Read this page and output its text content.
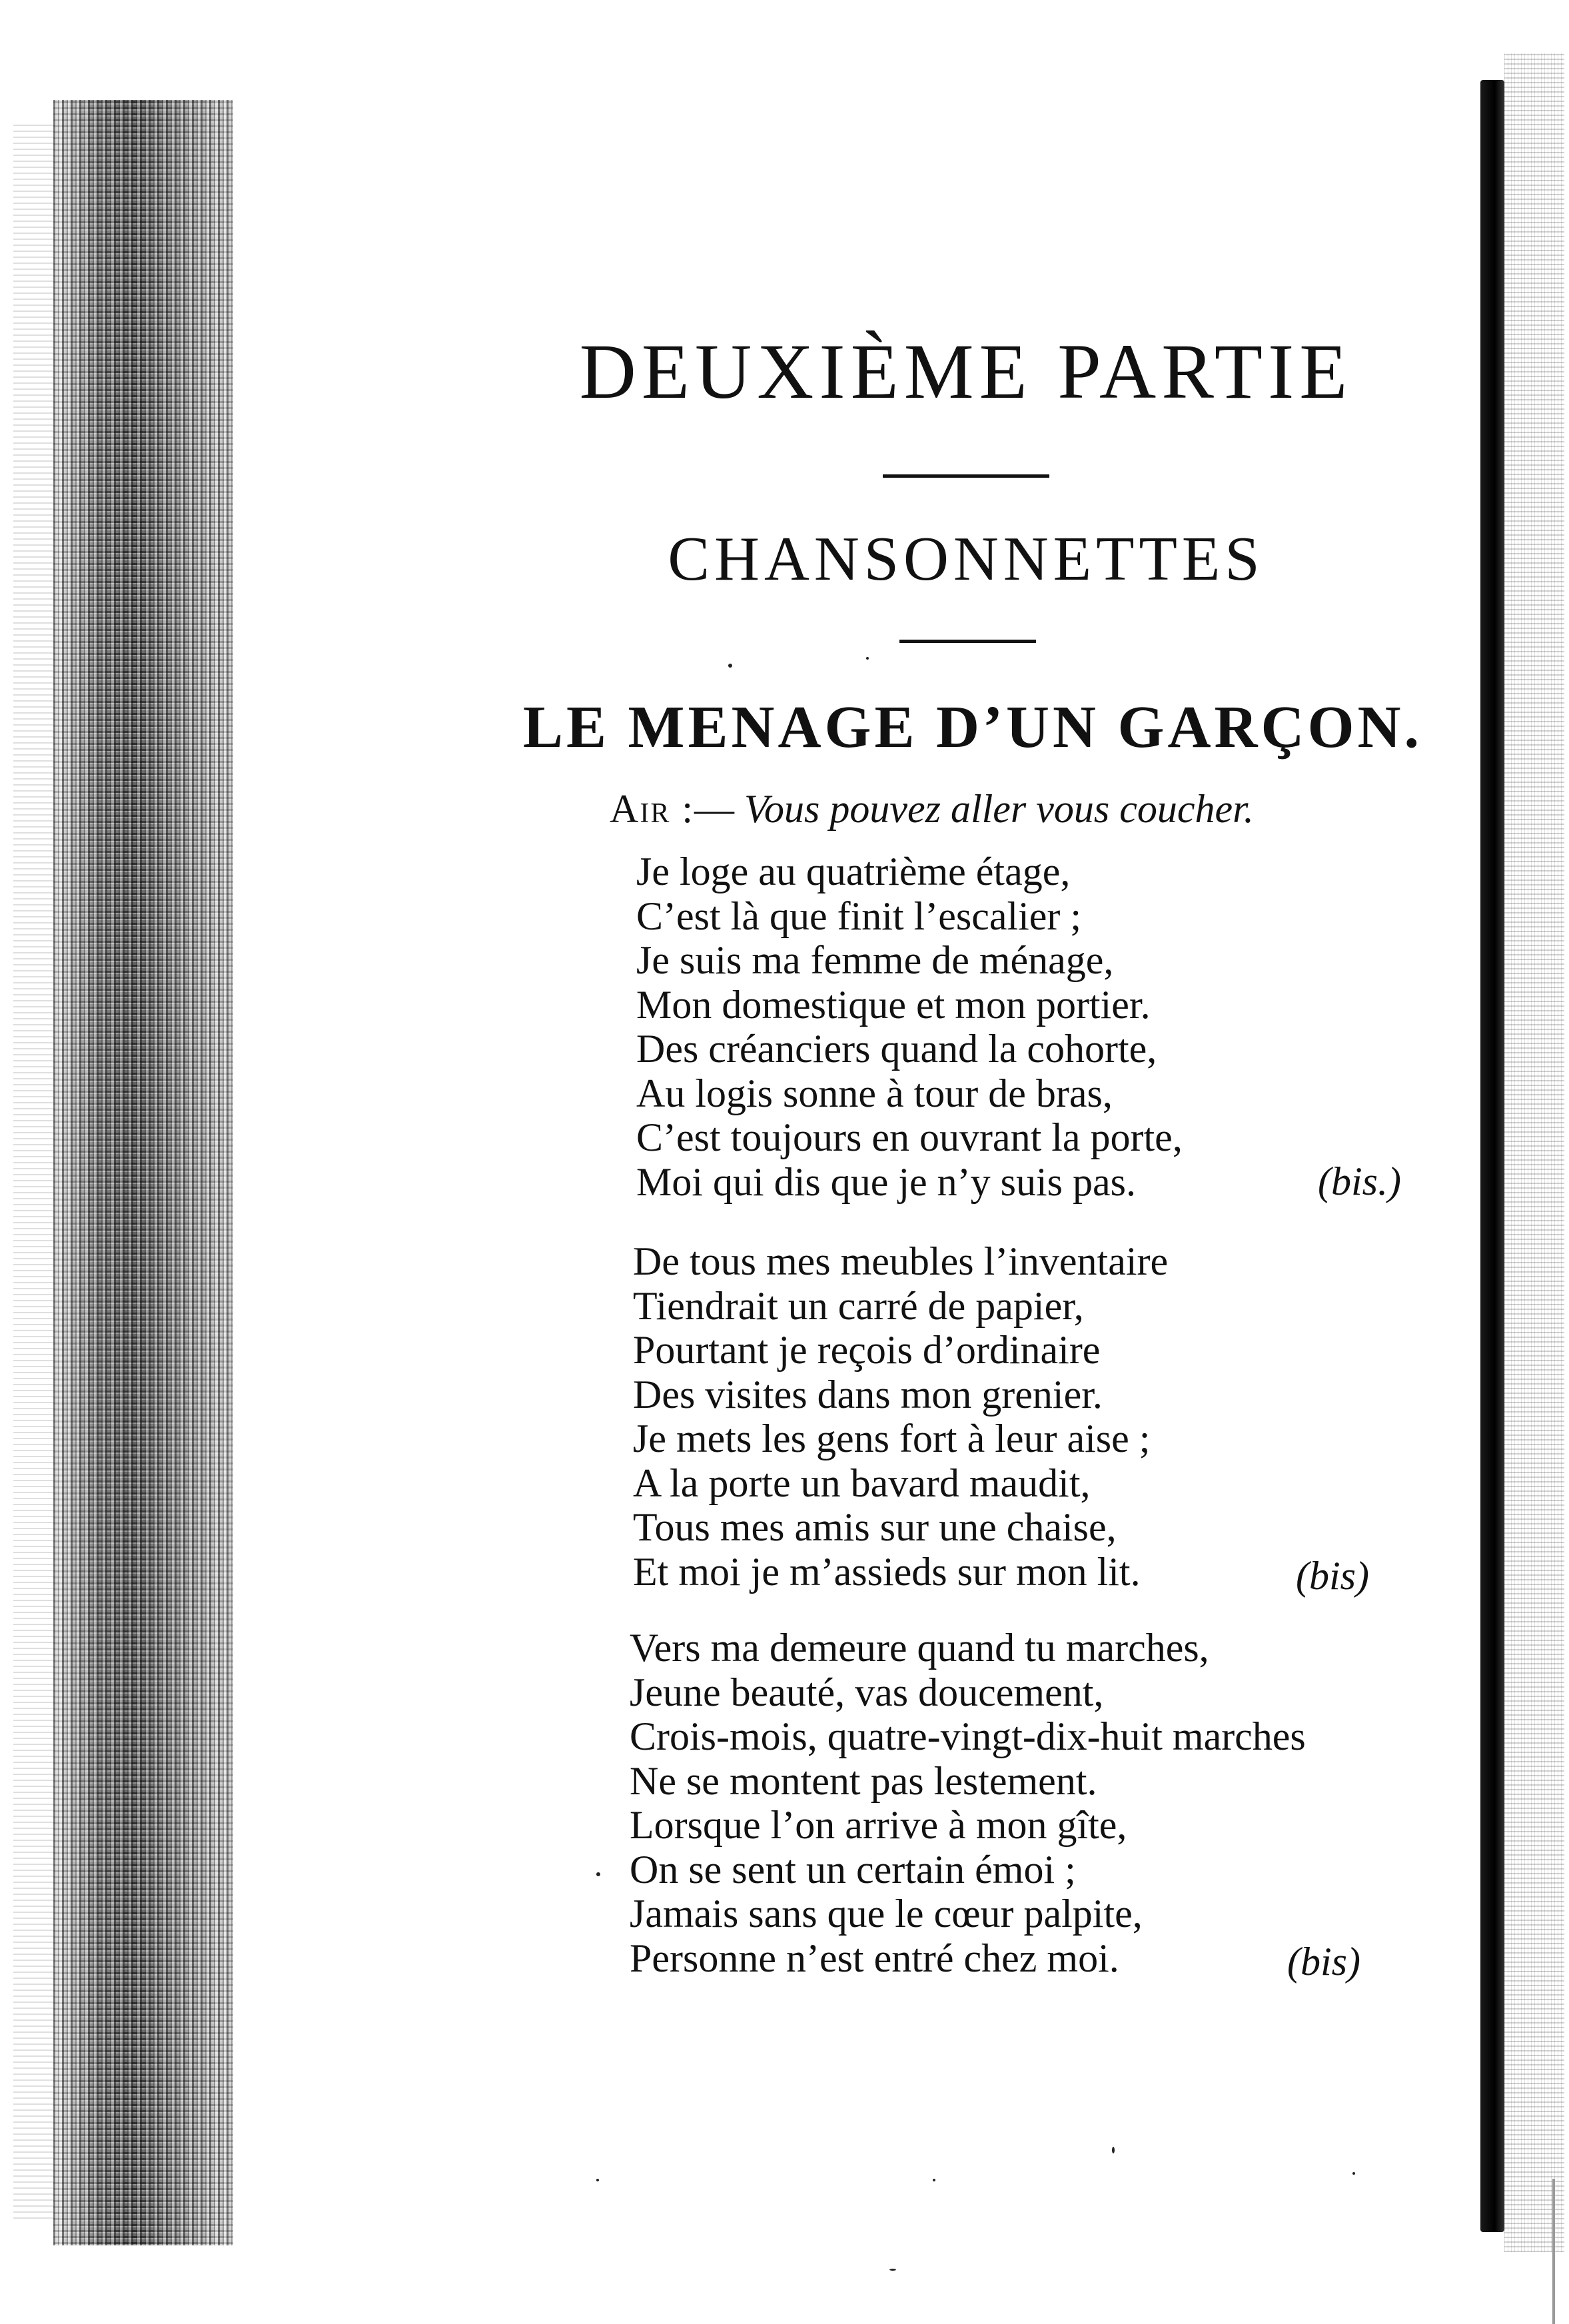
DEUXIÈME PARTIE
CHANSONNETTES
LE MENAGE D’UN GARÇON.

Air :— Vous pouvez aller vous coucher.

Je loge au quatrième étage,
C’est là que finit l’escalier ;
Je suis ma femme de ménage,
Mon domestique et mon portier.
Des créanciers quand la cohorte,
Au logis sonne à tour de bras,
C’est toujours en ouvrant la porte,
Moi qui dis que je n’y suis pas.	(bis.)
De tous mes meubles l’inventaire
Tiendrait un carré de papier,
Pourtant je reçois d’ordinaire
Des visites dans mon grenier.
Je mets les gens fort à leur aise ;
A la porte un bavard maudit,
Tous mes amis sur une chaise,
Et moi je m’assieds sur mon lit.	(bis)
Vers ma demeure quand tu marches,
Jeune beauté, vas doucement,
Crois-mois, quatre-vingt-dix-huit marches
Ne se montent pas lestement.
Lorsque l’on arrive à mon gîte,
On se sent un certain émoi ;
Jamais sans que le cœur palpite,
Personne n’est entré chez moi.	(bis)
